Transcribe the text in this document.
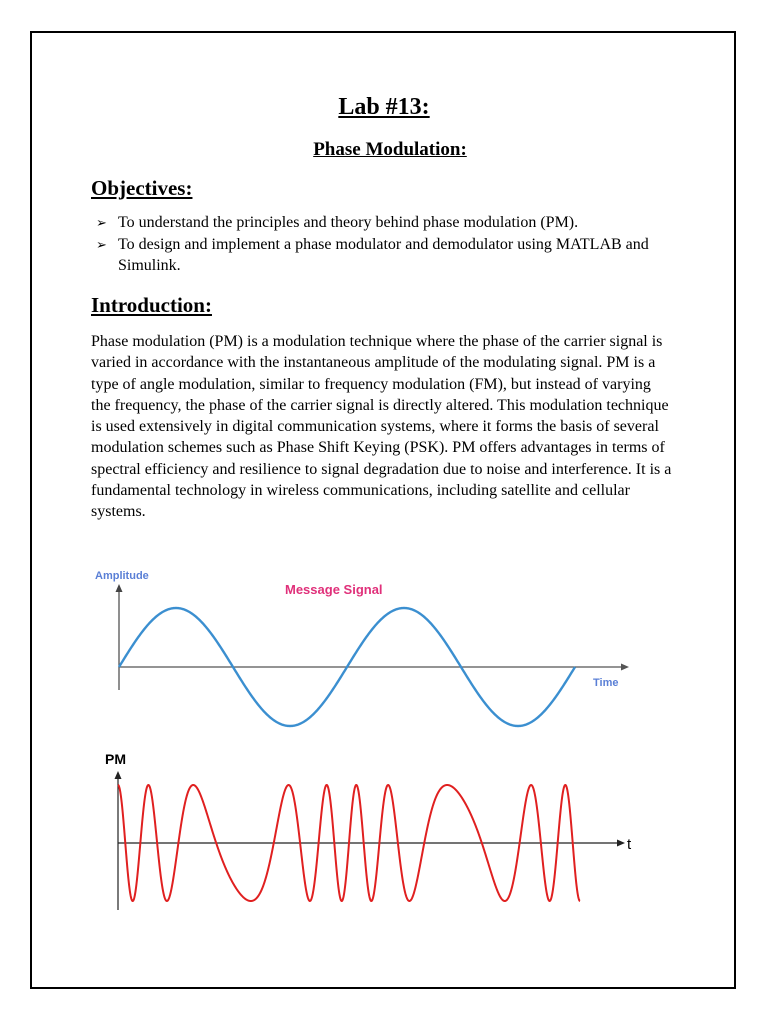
Lab #13:
Phase Modulation:
Objectives:
➢ To understand the principles and theory behind phase modulation (PM).
➢ To design and implement a phase modulator and demodulator using MATLAB and Simulink.
Introduction:

Phase modulation (PM) is a modulation technique where the phase of the carrier signal is varied in accordance with the instantaneous amplitude of the modulating signal. PM is a type of angle modulation, similar to frequency modulation (FM), but instead of varying the frequency, the phase of the carrier signal is directly altered. This modulation technique is used extensively in digital communication systems, where it forms the basis of several modulation schemes such as Phase Shift Keying (PSK). PM offers advantages in terms of spectral efficiency and resilience to signal degradation due to noise and interference. It is a fundamental technology in wireless communications, including satellite and cellular systems.

Amplitude
Time
Message Signal
PM
t
